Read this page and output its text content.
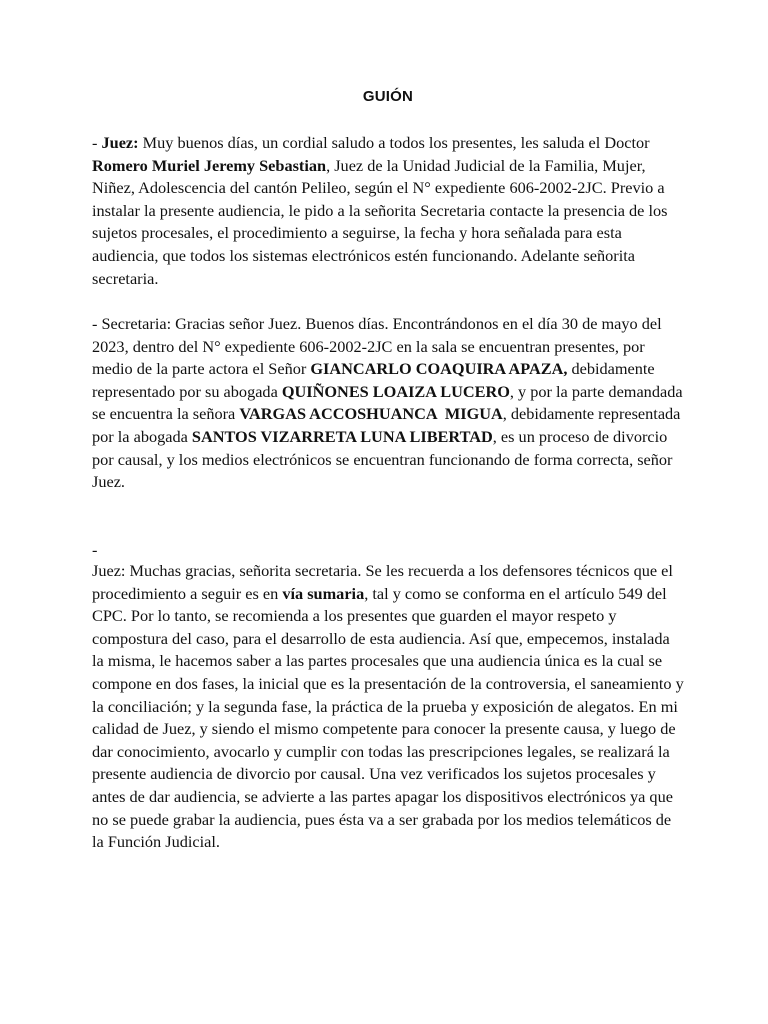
GUIÓN

- Juez: Muy buenos días, un cordial saludo a todos los presentes, les saluda el Doctor Romero Muriel Jeremy Sebastian, Juez de la Unidad Judicial de la Familia, Mujer, Niñez, Adolescencia del cantón Pelileo, según el N° expediente 606-2002-2JC. Previo a instalar la presente audiencia, le pido a la señorita Secretaria contacte la presencia de los sujetos procesales, el procedimiento a seguirse, la fecha y hora señalada para esta audiencia, que todos los sistemas electrónicos estén funcionando. Adelante señorita secretaria.

- Secretaria: Gracias señor Juez. Buenos días. Encontrándonos en el día 30 de mayo del 2023, dentro del N° expediente 606-2002-2JC en la sala se encuentran presentes, por medio de la parte actora el Señor GIANCARLO COAQUIRA APAZA, debidamente representado por su abogada QUIÑONES LOAIZA LUCERO, y por la parte demandada se encuentra la señora VARGAS ACCOSHUANCA  MIGUA, debidamente representada por la abogada SANTOS VIZARRETA LUNA LIBERTAD, es un proceso de divorcio por causal, y los medios electrónicos se encuentran funcionando de forma correcta, señor Juez.

-

Juez: Muchas gracias, señorita secretaria. Se les recuerda a los defensores técnicos que el procedimiento a seguir es en vía sumaria, tal y como se conforma en el artículo 549 del CPC. Por lo tanto, se recomienda a los presentes que guarden el mayor respeto y compostura del caso, para el desarrollo de esta audiencia. Así que, empecemos, instalada la misma, le hacemos saber a las partes procesales que una audiencia única es la cual se compone en dos fases, la inicial que es la presentación de la controversia, el saneamiento y la conciliación; y la segunda fase, la práctica de la prueba y exposición de alegatos. En mi calidad de Juez, y siendo el mismo competente para conocer la presente causa, y luego de dar conocimiento, avocarlo y cumplir con todas las prescripciones legales, se realizará la presente audiencia de divorcio por causal. Una vez verificados los sujetos procesales y antes de dar audiencia, se advierte a las partes apagar los dispositivos electrónicos ya que no se puede grabar la audiencia, pues ésta va a ser grabada por los medios telemáticos de la Función Judicial.
